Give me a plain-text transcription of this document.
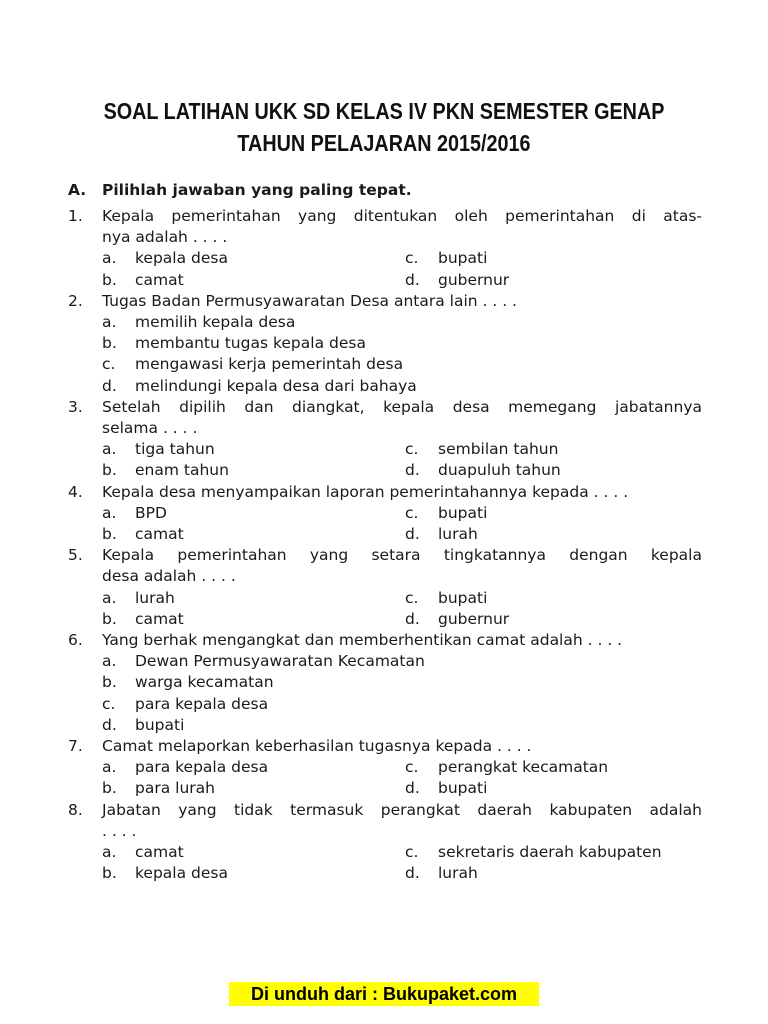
SOAL LATIHAN UKK SD KELAS IV PKN SEMESTER GENAP
TAHUN PELAJARAN 2015/2016
A. Pilihlah jawaban yang paling tepat.
1.	Kepala pemerintahan yang ditentukan oleh pemerintahan di atas-
nya adalah . . . .
a.	kepala desa	c.	bupati
b.	camat	d.	gubernur
2.	Tugas Badan Permusyawaratan Desa antara lain . . . .
a.	memilih kepala desa
b.	membantu tugas kepala desa
c.	mengawasi kerja pemerintah desa
d.	melindungi kepala desa dari bahaya
3.	Setelah dipilih dan diangkat, kepala desa memegang jabatannya
selama . . . .
a.	tiga tahun	c.	sembilan tahun
b.	enam tahun	d.	duapuluh tahun
4.	Kepala desa menyampaikan laporan pemerintahannya kepada . . . .
a.	BPD	c.	bupati
b.	camat	d.	lurah
5.	Kepala pemerintahan yang setara tingkatannya dengan kepala
desa adalah . . . .
a.	lurah	c.	bupati
b.	camat	d.	gubernur
6.	Yang berhak mengangkat dan memberhentikan camat adalah . . . .
a.	Dewan Permusyawaratan Kecamatan
b.	warga kecamatan
c.	para kepala desa
d.	bupati
7.	Camat melaporkan keberhasilan tugasnya kepada . . . .
a.	para kepala desa	c.	perangkat kecamatan
b.	para lurah	d.	bupati
8.	Jabatan yang tidak termasuk perangkat daerah kabupaten adalah
. . . .
a.	camat	c.	sekretaris daerah kabupaten
b.	kepala desa	d.	lurah
Di unduh dari : Bukupaket.com
